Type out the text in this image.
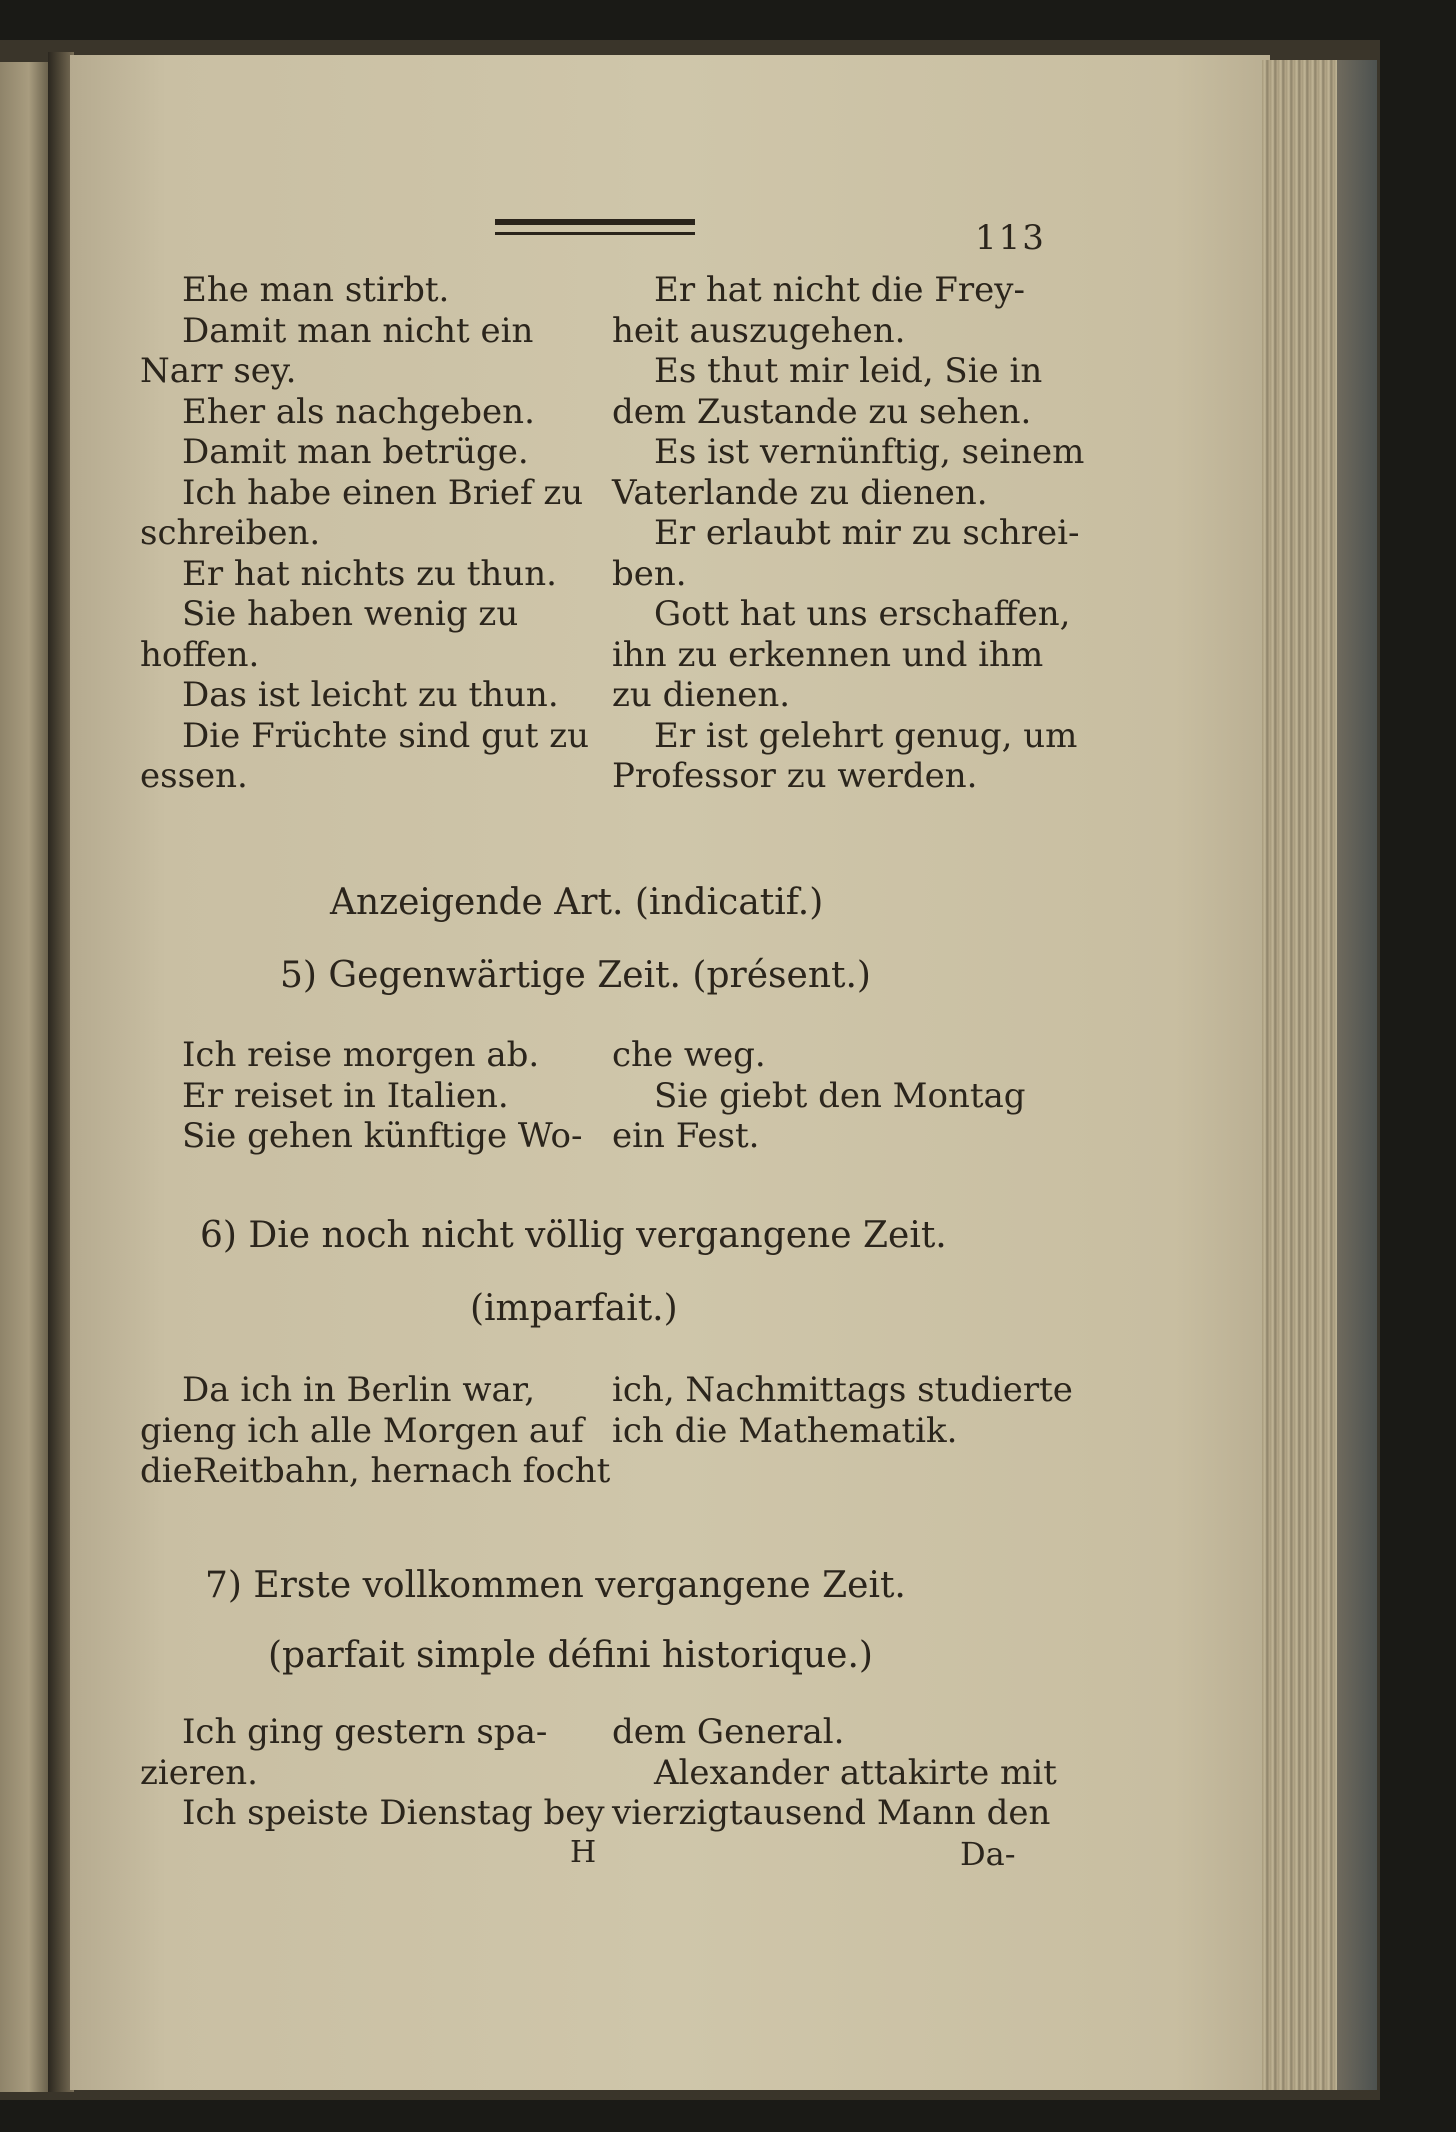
113
Ehe man stirbt.
Damit man nicht ein
Narr sey.
Eher als nachgeben.
Damit man betrüge.
Ich habe einen Brief zu
schreiben.
Er hat nichts zu thun.
Sie haben wenig zu
hoffen.
Das ist leicht zu thun.
Die Früchte sind gut zu
essen.
Er hat nicht die Frey-
heit auszugehen.
Es thut mir leid, Sie in
dem Zustande zu sehen.
Es ist vernünftig, seinem
Vaterlande zu dienen.
Er erlaubt mir zu schrei-
ben.
Gott hat uns erschaffen,
ihn zu erkennen und ihm
zu dienen.
Er ist gelehrt genug, um
Professor zu werden.
Anzeigende Art. (indicatif.)
5) Gegenwärtige Zeit. (présent.)
Ich reise morgen ab.
Er reiset in Italien.
Sie gehen künftige Wo-
che weg.
Sie giebt den Montag
ein Fest.
6) Die noch nicht völlig vergangene Zeit.
(imparfait.)
Da ich in Berlin war,
gieng ich alle Morgen auf
dieReitbahn, hernach focht
ich, Nachmittags studierte
ich die Mathematik.
7) Erste vollkommen vergangene Zeit.
(parfait simple défini historique.)
Ich ging gestern spa-
zieren.
Ich speiste Dienstag bey
dem General.
Alexander attakirte mit
vierzigtausend Mann den
H	Da-
